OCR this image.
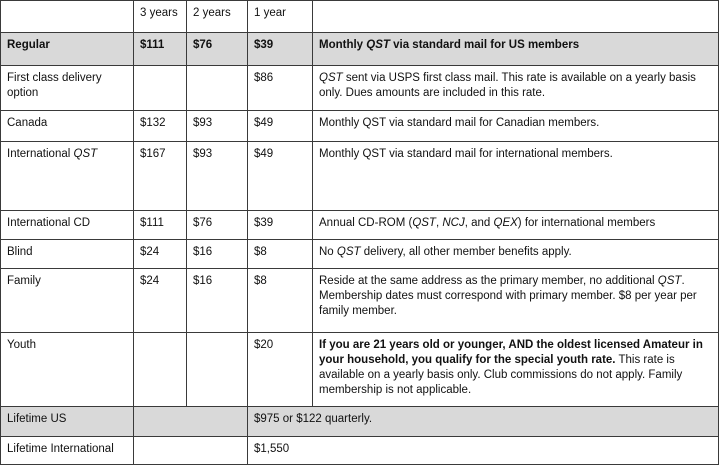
	3 years	2 years	1 year	
Regular	$111	$76	$39	Monthly QST via standard mail for US members
First class delivery option			$86	QST sent via USPS first class mail. This rate is available on a yearly basis only. Dues amounts are included in this rate.
Canada	$132	$93	$49	Monthly QST via standard mail for Canadian members.
International QST	$167	$93	$49	Monthly QST via standard mail for international members.
International CD	$111	$76	$39	Annual CD-ROM (QST, NCJ, and QEX) for international members
Blind	$24	$16	$8	No QST delivery, all other member benefits apply.
Family	$24	$16	$8	Reside at the same address as the primary member, no additional QST. Membership dates must correspond with primary member. $8 per year per family member.
Youth			$20	If you are 21 years old or younger, AND the oldest licensed Amateur in your household, you qualify for the special youth rate. This rate is available on a yearly basis only. Club commissions do not apply. Family membership is not applicable.
Lifetime US			$975 or $122 quarterly.	
Lifetime International			$1,550	
